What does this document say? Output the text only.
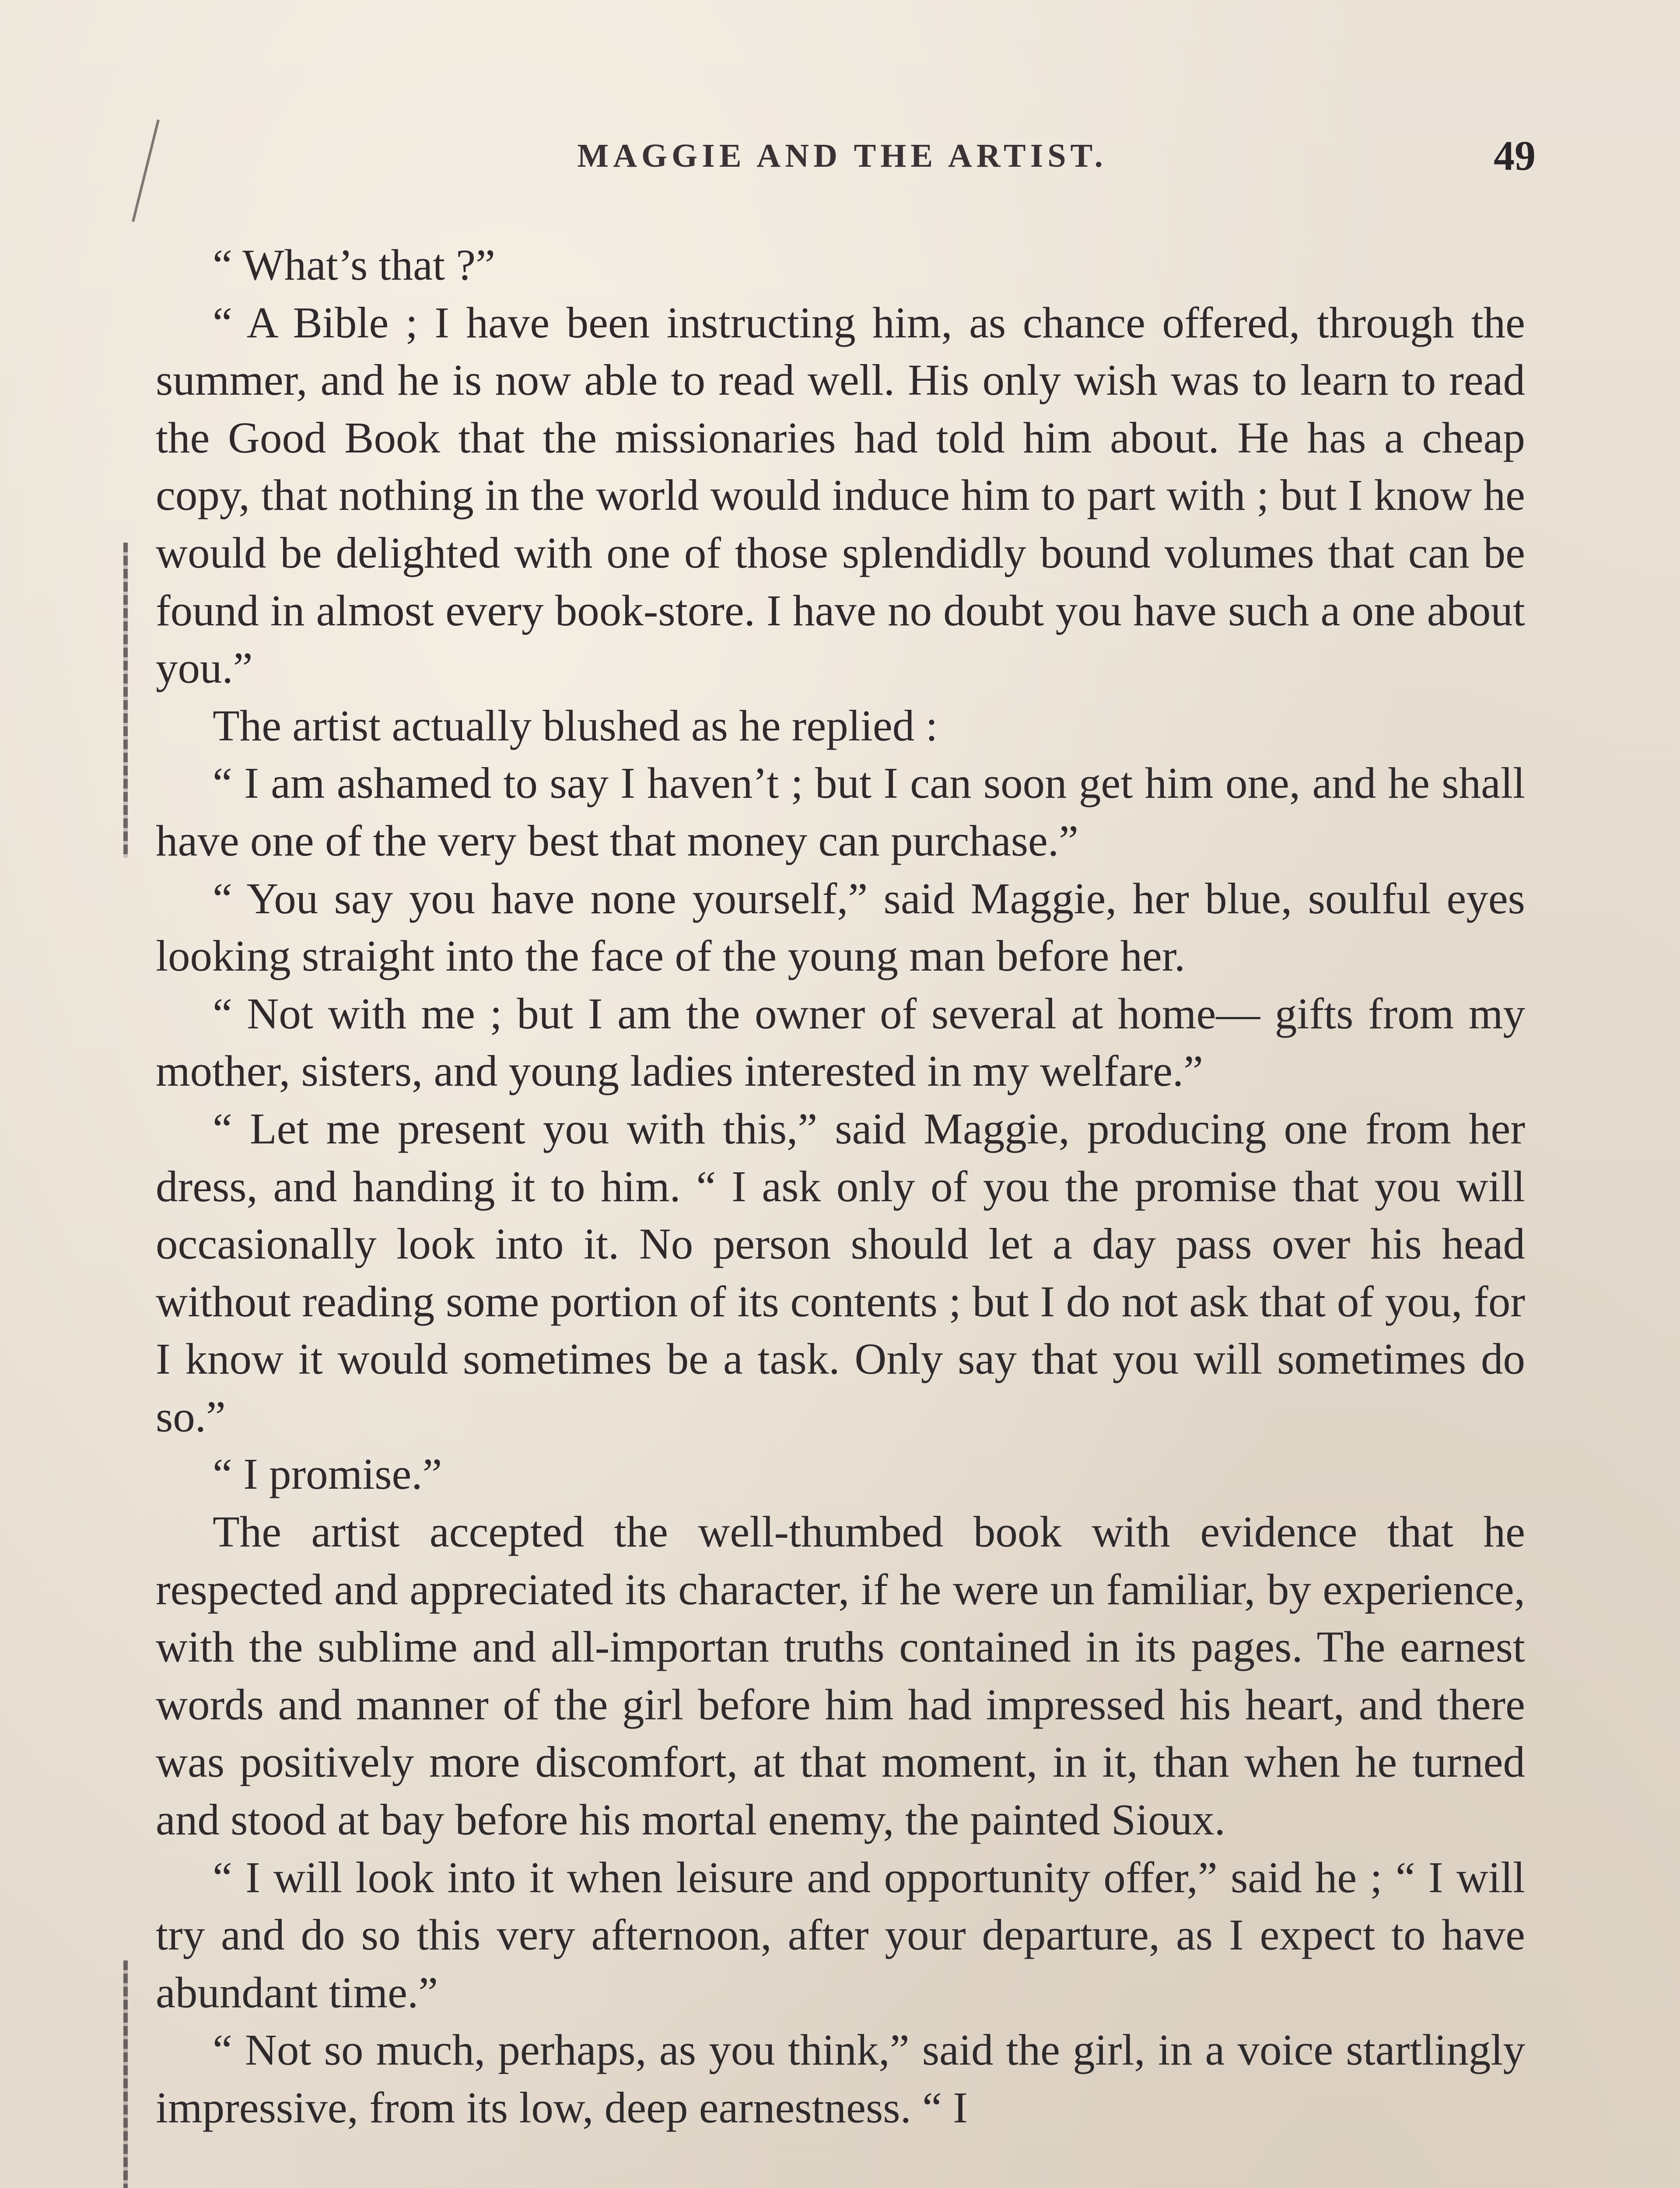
MAGGIE AND THE ARTIST.	49

“ What’s that ?”

“ A Bible ; I have been instructing him, as chance offered, through the summer, and he is now able to read well. His only wish was to learn to read the Good Book that the missionaries had told him about. He has a cheap copy, that nothing in the world would induce him to part with ; but I know he would be delighted with one of those splendidly bound volumes that can be found in almost every book-store. I have no doubt you have such a one about you.”

The artist actually blushed as he replied :

“ I am ashamed to say I haven’t ; but I can soon get him one, and he shall have one of the very best that money can purchase.”

“ You say you have none yourself,” said Maggie, her blue, soulful eyes looking straight into the face of the young man before her.

“ Not with me ; but I am the owner of several at home— gifts from my mother, sisters, and young ladies interested in my welfare.”

“ Let me present you with this,” said Maggie, producing one from her dress, and handing it to him. “ I ask only of you the promise that you will occasionally look into it. No person should let a day pass over his head without reading some portion of its contents ; but I do not ask that of you, for I know it would sometimes be a task. Only say that you will sometimes do so.”

“ I promise.”

The artist accepted the well-thumbed book with evidence that he respected and appreciated its character, if he were un familiar, by experience, with the sublime and all-importan truths contained in its pages. The earnest words and manner of the girl before him had impressed his heart, and there was positively more discomfort, at that moment, in it, than when he turned and stood at bay before his mortal enemy, the painted Sioux.

“ I will look into it when leisure and opportunity offer,” said he ; “ I will try and do so this very afternoon, after your departure, as I expect to have abundant time.”

“ Not so much, perhaps, as you think,” said the girl, in a voice startlingly impressive, from its low, deep earnestness. “ I
